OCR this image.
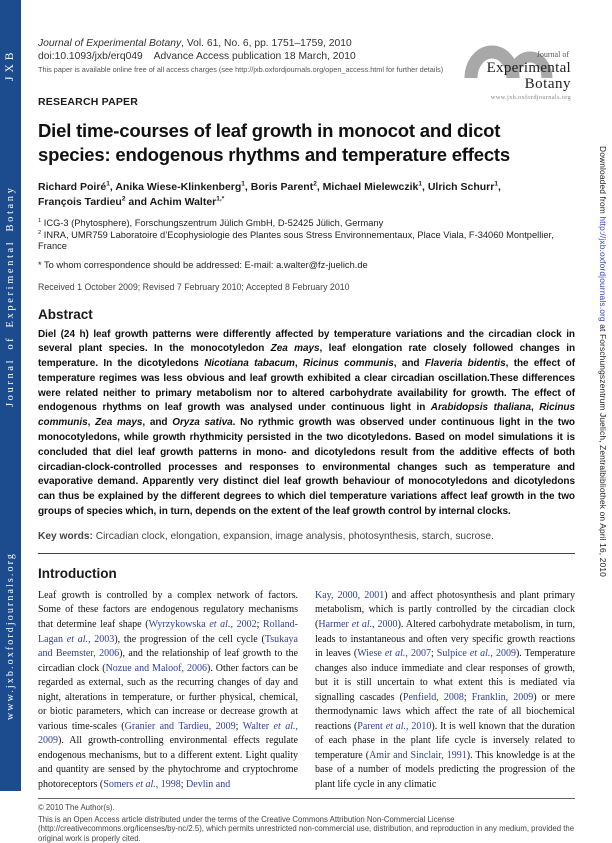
JXB
Journal of Experimental Botany
www.jxb.oxfordjournals.org
Downloaded from http://jxb.oxfordjournals.org at Forschungszentrum Juelich, Zentralbibliothek on April 16, 2010
Journal of Experimental Botany, Vol. 61, No. 6, pp. 1751–1759, 2010
doi:10.1093/jxb/erq049    Advance Access publication 18 March, 2010
This paper is available online free of all access charges (see http://jxb.oxfordjournals.org/open_access.html for further details)
Journal of
Experimental
Botany
www.jxb.oxfordjournals.org
RESEARCH PAPER
Diel time-courses of leaf growth in monocot and dicot
species: endogenous rhythms and temperature effects
Richard Poiré$^1$, Anika Wiese-Klinkenberg$^1$, Boris Parent$^2$, Michael Mielewczik$^1$, Ulrich Schurr$^1$,
François Tardieu$^2$ and Achim Walter$^{1,*}$
$^1$ ICG-3 (Phytosphere), Forschungszentrum Jülich GmbH, D-52425 Jülich, Germany
$^2$ INRA, UMR759 Laboratoire d’Ecophysiologie des Plantes sous Stress Environnementaux, Place Viala, F-34060 Montpellier, France
* To whom correspondence should be addressed: E-mail: a.walter@fz-juelich.de
Received 1 October 2009; Revised 7 February 2010; Accepted 8 February 2010
Abstract

Diel (24 h) leaf growth patterns were differently affected by temperature variations and the circadian clock in several plant species. In the monocotyledon Zea mays, leaf elongation rate closely followed changes in temperature. In the dicotyledons Nicotiana tabacum, Ricinus communis, and Flaveria bidentis, the effect of temperature regimes was less obvious and leaf growth exhibited a clear circadian oscillation.These differences were related neither to primary metabolism nor to altered carbohydrate availability for growth. The effect of endogenous rhythms on leaf growth was analysed under continuous light in Arabidopsis thaliana, Ricinus communis, Zea mays, and Oryza sativa. No rythmic growth was observed under continuous light in the two monocotyledons, while growth rhythmicity persisted in the two dicotyledons. Based on model simulations it is concluded that diel leaf growth patterns in mono- and dicotyledons result from the additive effects of both circadian-clock-controlled processes and responses to environmental changes such as temperature and evaporative demand. Apparently very distinct diel leaf growth behaviour of monocotyledons and dicotyledons can thus be explained by the different degrees to which diel temperature variations affect leaf growth in the two groups of species which, in turn, depends on the extent of the leaf growth control by internal clocks.

Key words: Circadian clock, elongation, expansion, image analysis, photosynthesis, starch, sucrose.
Introduction
Leaf growth is controlled by a complex network of factors. Some of these factors are endogenous regulatory mechanisms that determine leaf shape (Wyrzykowska et al., 2002; Rolland-Lagan et al., 2003), the progression of the cell cycle (Tsukaya and Beemster, 2006), and the relationship of leaf growth to the circadian clock (Nozue and Maloof, 2006). Other factors can be regarded as external, such as the recurring changes of day and night, alterations in temperature, or further physical, chemical, or biotic parameters, which can increase or decrease growth at various time-scales (Granier and Tardieu, 2009; Walter et al., 2009). All growth-controlling environmental effects regulate endogenous mechanisms, but to a different extent. Light quality and quantity are sensed by the phytochrome and cryptochrome photoreceptors (Somers et al., 1998; Devlin and
Kay, 2000, 2001) and affect photosynthesis and plant primary metabolism, which is partly controlled by the circadian clock (Harmer et al., 2000). Altered carbohydrate metabolism, in turn, leads to instantaneous and often very specific growth reactions in leaves (Wiese et al., 2007; Sulpice et al., 2009). Temperature changes also induce immediate and clear responses of growth, but it is still uncertain to what extent this is mediated via signalling cascades (Penfield, 2008; Franklin, 2009) or mere thermodynamic laws which affect the rate of all biochemical reactions (Parent et al., 2010). It is well known that the duration of each phase in the plant life cycle is inversely related to temperature (Amir and Sinclair, 1991). This knowledge is at the base of a number of models predicting the progression of the plant life cycle in any climatic
© 2010 The Author(s).
This is an Open Access article distributed under the terms of the Creative Commons Attribution Non-Commercial License (http://creativecommons.org/licenses/by-nc/2.5), which permits unrestricted non-commercial use, distribution, and reproduction in any medium, provided the original work is properly cited.
